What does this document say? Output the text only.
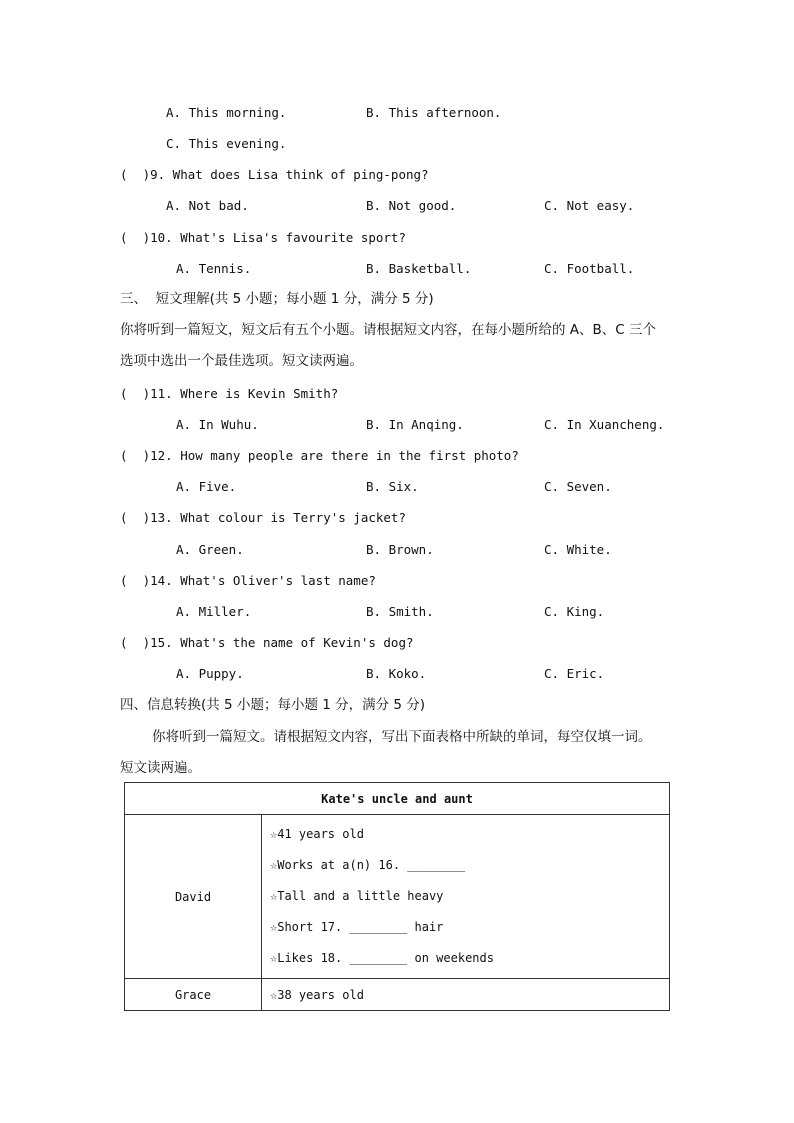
A. This morning.	B. This afternoon.
C. This evening.
(  )9. What does Lisa think of ping-pong?
A. Not bad.	B. Not good.	C. Not easy.
(  )10. What's Lisa's favourite sport?
A. Tennis.	B. Basketball.	C. Football.
三、  短文理解(共 5 小题；每小题 1 分，满分 5 分)
你将听到一篇短文，短文后有五个小题。请根据短文内容，在每小题所给的 A、B、C 三个
选项中选出一个最佳选项。短文读两遍。
(  )11. Where is Kevin Smith?
A. In Wuhu.	B. In Anqing.	C. In Xuancheng.
(  )12. How many people are there in the first photo?
A. Five.	B. Six.	C. Seven.
(  )13. What colour is Terry's jacket?
A. Green.	B. Brown.	C. White.
(  )14. What's Oliver's last name?
A. Miller.	B. Smith.	C. King.
(  )15. What's the name of Kevin's dog?
A. Puppy.	B. Koko.	C. Eric.
四、信息转换(共 5 小题；每小题 1 分，满分 5 分)
你将听到一篇短文。请根据短文内容，写出下面表格中所缺的单词，每空仅填一词。
短文读两遍。
Kate's uncle and aunt	
David	☆41 years old
☆Works at a(n) 16. ________
☆Tall and a little heavy
☆Short 17. ________ hair
☆Likes 18. ________ on weekends

Grace	☆38 years old
